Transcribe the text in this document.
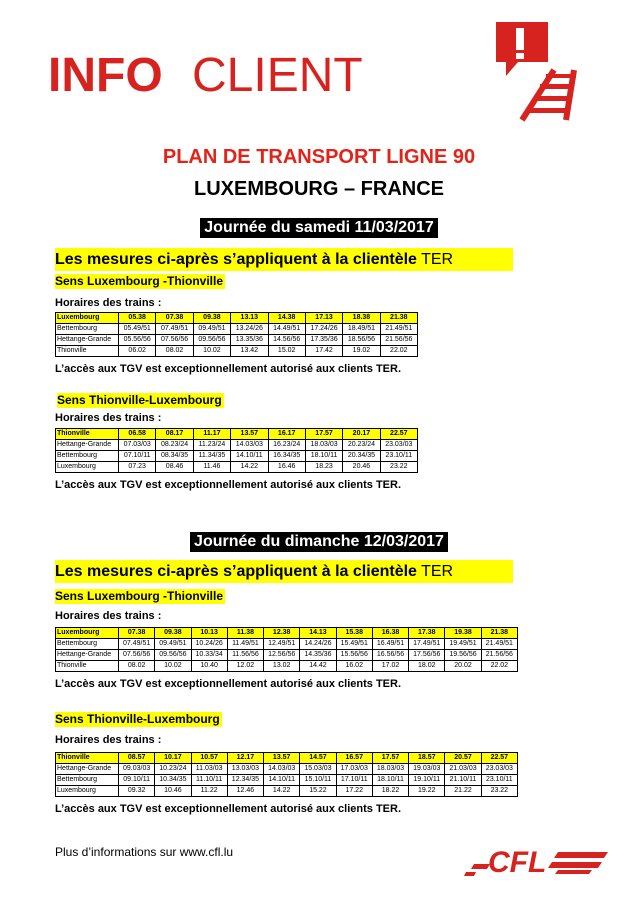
INFO CLIENT
PLAN DE TRANSPORT LIGNE 90
LUXEMBOURG – FRANCE
Journée du samedi 11/03/2017
Les mesures ci-après s’appliquent à la clientèle TER
Sens Luxembourg -Thionville
Horaires des trains :
Luxembourg	05.38	07.38	09.38	13.13	14.38	17.13	18.38	21.38
Bettembourg	05.49/51	07.49/51	09.49/51	13.24/26	14.49/51	17.24/26	18.49/51	21.49/51
Hettange-Grande	05.56/56	07.56/56	09.56/56	13.35/36	14.56/56	17.35/36	18.56/56	21.56/56
Thionville	06.02	08.02	10.02	13.42	15.02	17.42	19.02	22.02
L’accès aux TGV est exceptionnellement autorisé aux clients TER.
Sens Thionville-Luxembourg
Horaires des trains :
Thionville	06.58	08.17	11.17	13.57	16.17	17.57	20.17	22.57
Hettange-Grande	07.03/03	08.23/24	11.23/24	14.03/03	16.23/24	18.03/03	20.23/24	23.03/03
Bettembourg	07.10/11	08.34/35	11.34/35	14.10/11	16.34/35	18.10/11	20.34/35	23.10/11
Luxembourg	07.23	08.46	11.46	14.22	16.46	18.23	20.46	23.22
L’accès aux TGV est exceptionnellement autorisé aux clients TER.
Journée du dimanche 12/03/2017
Les mesures ci-après s’appliquent à la clientèle TER
Sens Luxembourg -Thionville
Horaires des trains :
Luxembourg	07.38	09.38	10.13	11.38	12.38	14.13	15.38	16.38	17.38	19.38	21.38
Bettembourg	07.49/51	09.49/51	10.24/26	11.49/51	12.49/51	14.24/26	15.49/51	16.49/51	17.49/51	19.49/51	21.49/51
Hettange-Grande	07.56/56	09.56/56	10.33/34	11.56/56	12.56/56	14.35/36	15.56/56	16.56/56	17.56/56	19.56/56	21.56/56
Thionville	08.02	10.02	10.40	12.02	13.02	14.42	16.02	17.02	18.02	20.02	22.02
L’accès aux TGV est exceptionnellement autorisé aux clients TER.
Sens Thionville-Luxembourg
Horaires des trains :
Thionville	08.57	10.17	10.57	12.17	13.57	14.57	16.57	17.57	18.57	20.57	22.57
Hettange-Grande	09.03/03	10.23/24	11.03/03	13.03/03	14.03/03	15.03/03	17.03/03	18.03/03	19.03/03	21.03/03	23.03/03
Bettembourg	09.10/11	10.34/35	11.10/11	12.34/35	14.10/11	15.10/11	17.10/11	18.10/11	19.10/11	21.10/11	23.10/11
Luxembourg	09.32	10.46	11.22	12.46	14.22	15.22	17.22	18.22	19.22	21.22	23.22
L’accès aux TGV est exceptionnellement autorisé aux clients TER.
Plus d’informations sur www.cfl.lu	CFL
